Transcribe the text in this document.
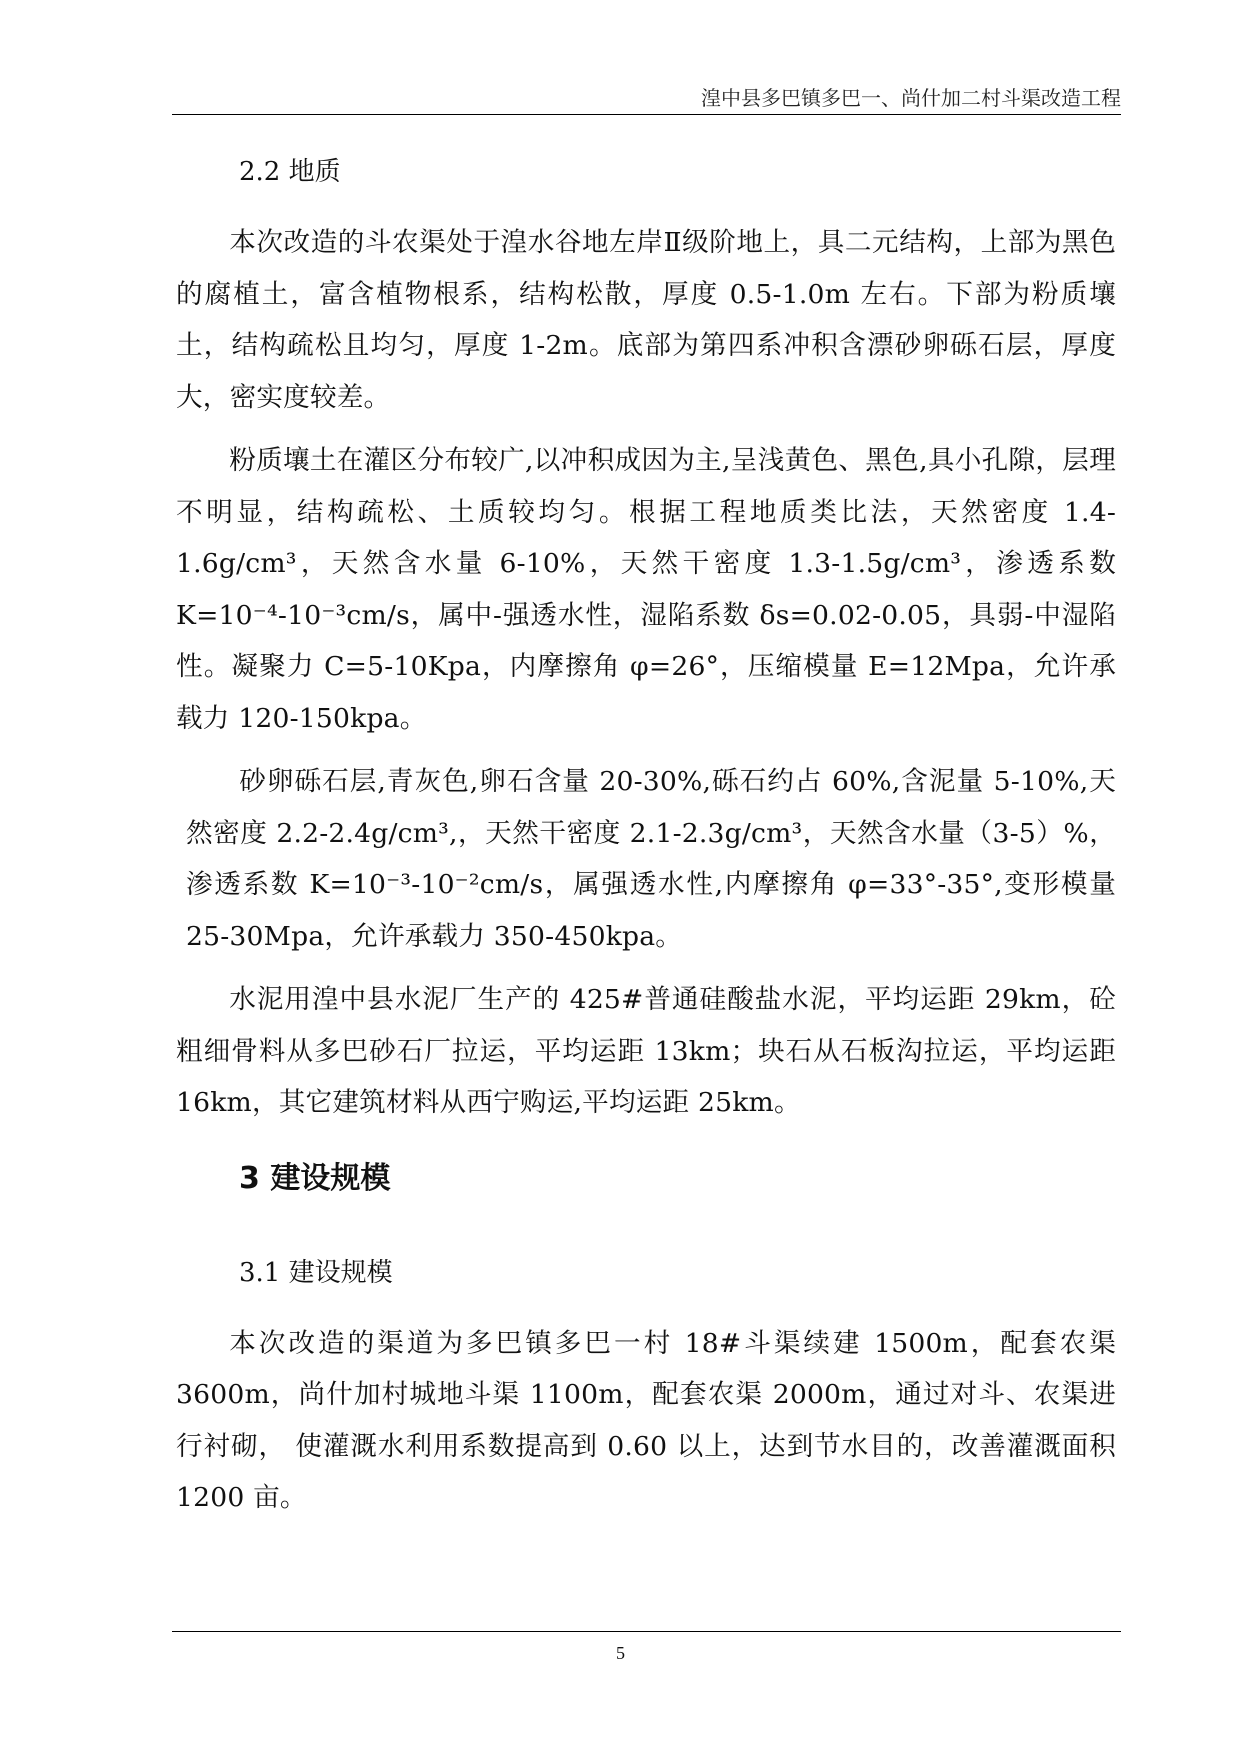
湟中县多巴镇多巴一、尚什加二村斗渠改造工程
2.2 地质

本次改造的斗农渠处于湟水谷地左岸Ⅱ级阶地上，具二元结构，上部为黑色的腐植土，富含植物根系，结构松散，厚度 0.5-1.0m 左右。下部为粉质壤土，结构疏松且均匀，厚度 1-2m。底部为第四系冲积含漂砂卵砾石层，厚度大，密实度较差。

粉质壤土在灌区分布较广,以冲积成因为主,呈浅黄色、黑色,具小孔隙，层理不明显，结构疏松、土质较均匀。根据工程地质类比法，天然密度 1.4-1.6g/cm³，天然含水量 6-10%，天然干密度 1.3-1.5g/cm³，渗透系数 K=10⁻⁴-10⁻³cm/s，属中-强透水性，湿陷系数 δs=0.02-0.05，具弱-中湿陷性。凝聚力 C=5-10Kpa，内摩擦角 φ=26°，压缩模量 E=12Mpa，允许承载力 120-150kpa。

砂卵砾石层,青灰色,卵石含量 20-30%,砾石约占 60%,含泥量 5-10%,天然密度 2.2-2.4g/cm³,，天然干密度 2.1-2.3g/cm³，天然含水量（3-5）%，渗透系数 K=10⁻³-10⁻²cm/s，属强透水性,内摩擦角 φ=33°-35°,变形模量 25-30Mpa，允许承载力 350-450kpa。

水泥用湟中县水泥厂生产的 425#普通硅酸盐水泥，平均运距 29km，砼粗细骨料从多巴砂石厂拉运，平均运距 13km；块石从石板沟拉运，平均运距 16km，其它建筑材料从西宁购运,平均运距 25km。

3 建设规模
3.1 建设规模

本次改造的渠道为多巴镇多巴一村 18#斗渠续建 1500m，配套农渠 3600m，尚什加村城地斗渠 1100m，配套农渠 2000m，通过对斗、农渠进行衬砌， 使灌溉水利用系数提高到 0.60 以上，达到节水目的，改善灌溉面积 1200 亩。

5
